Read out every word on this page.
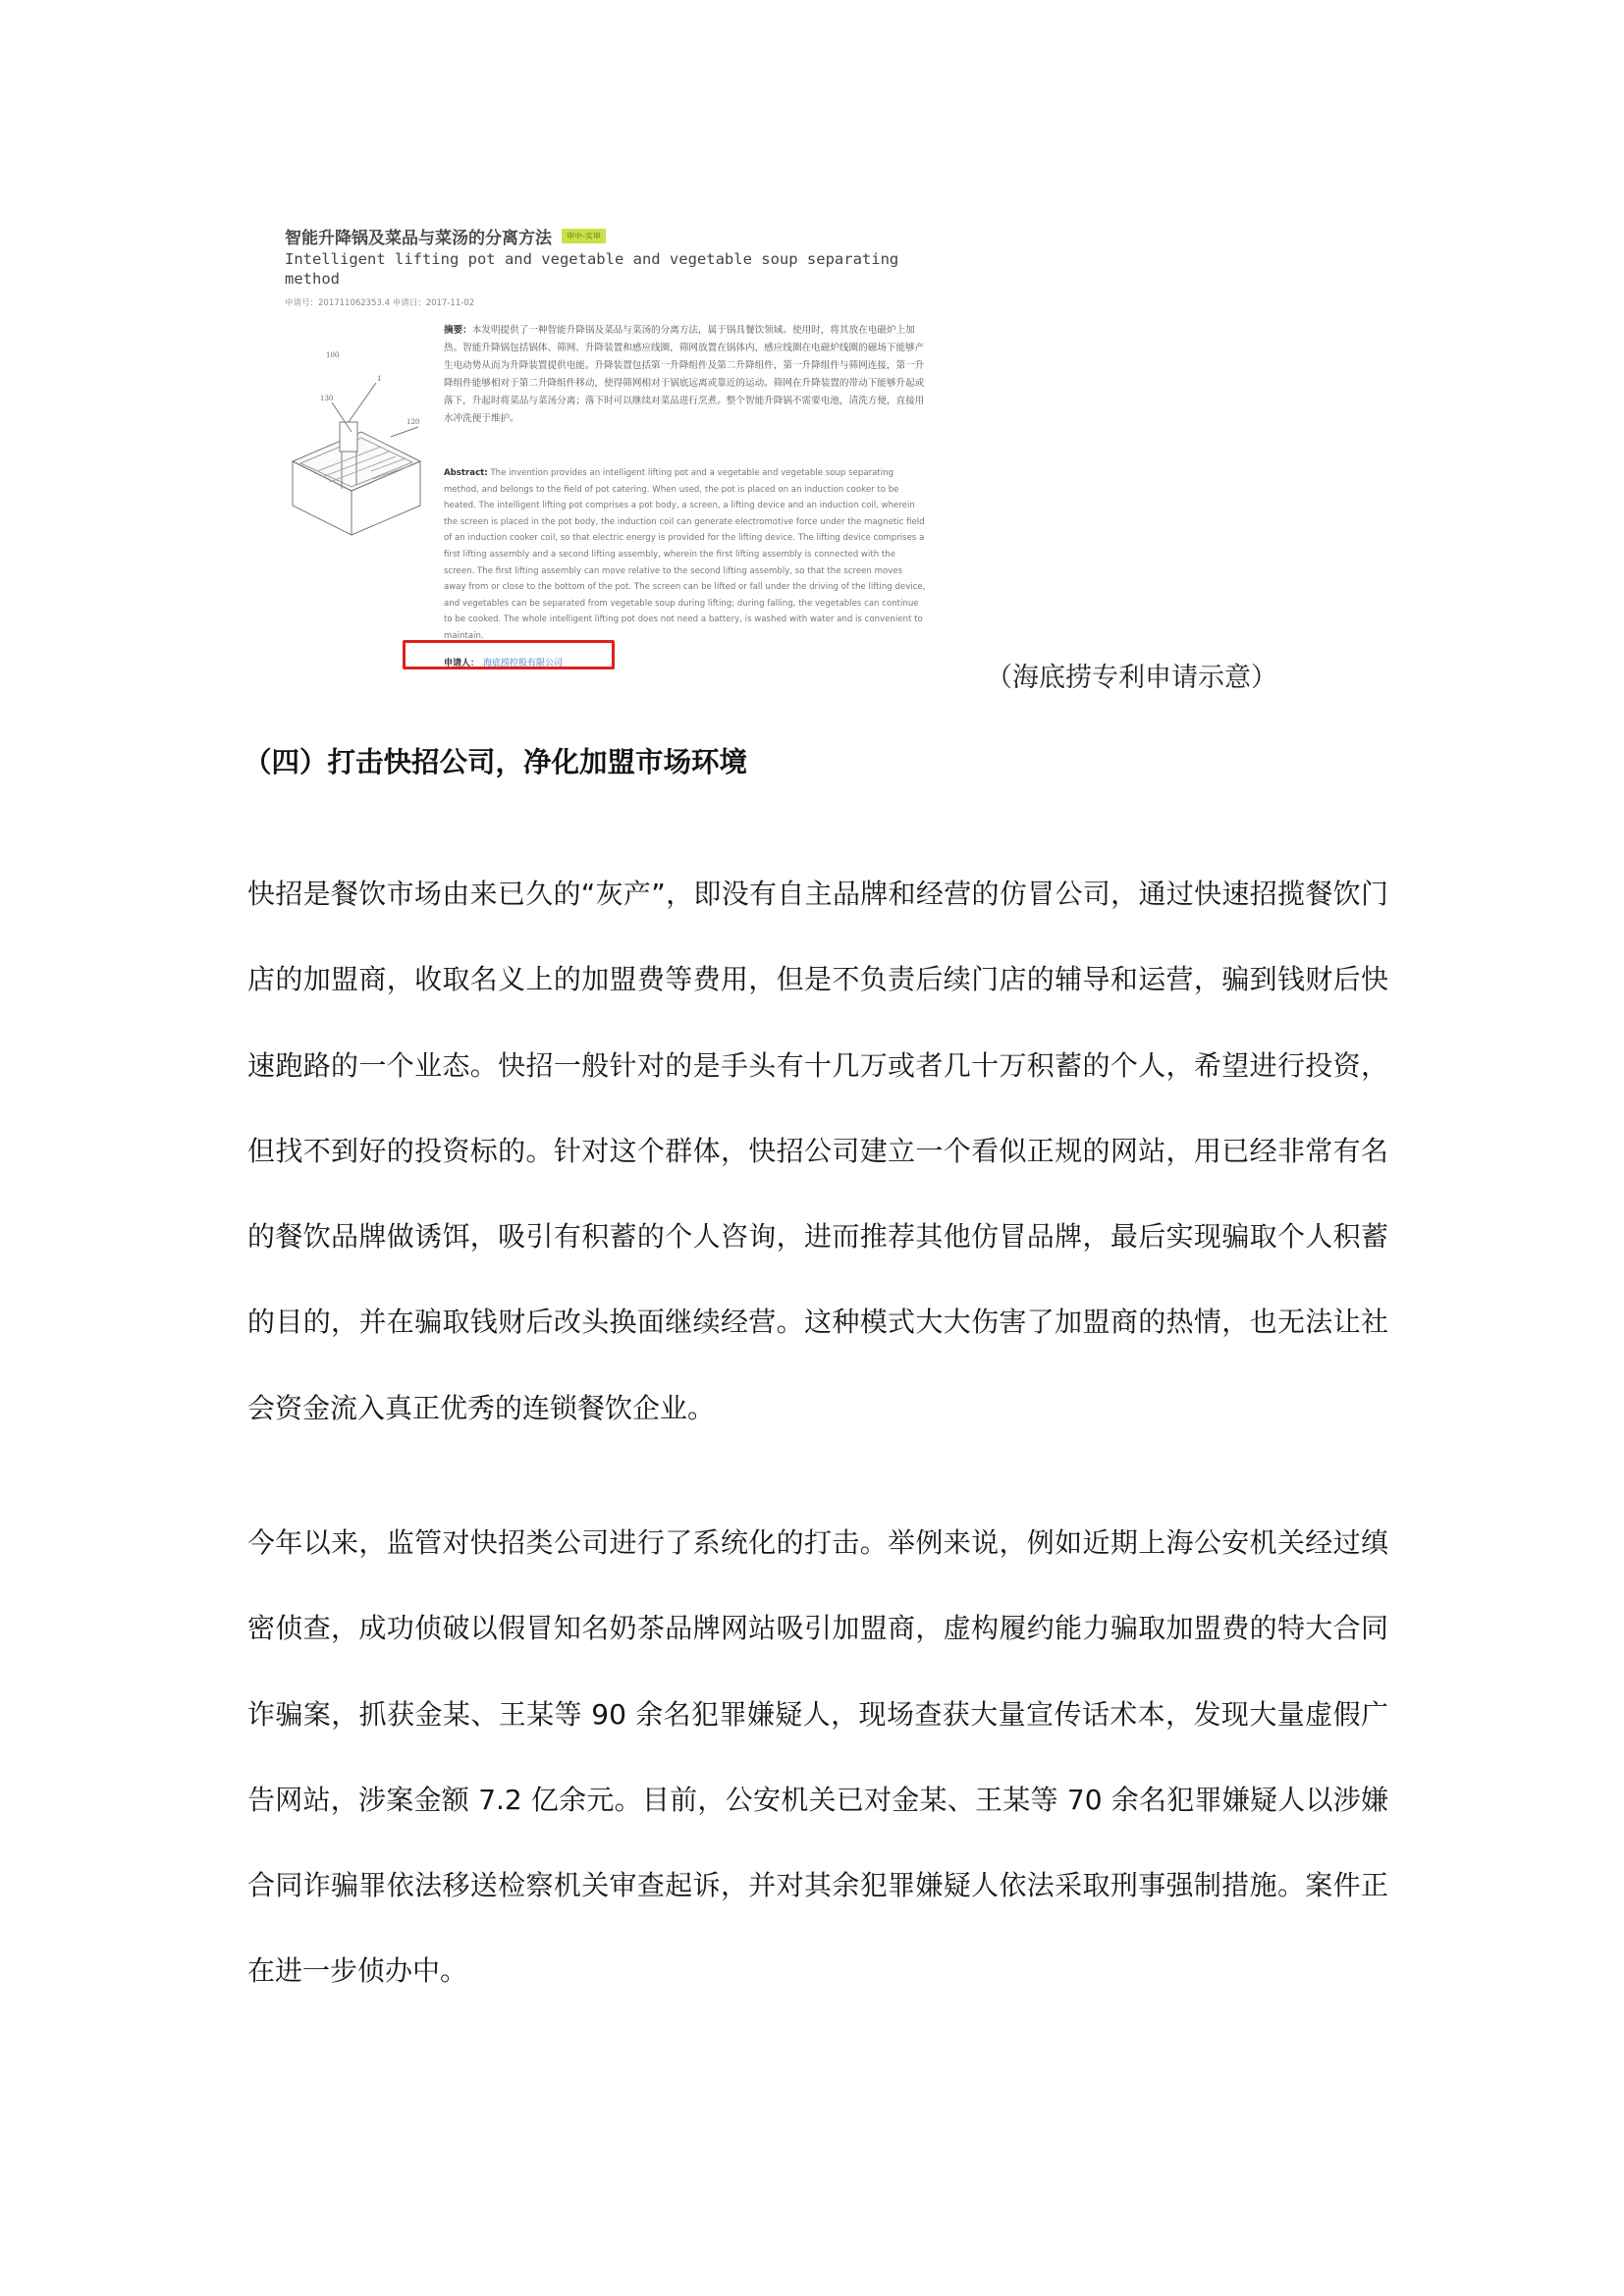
智能升降锅及菜品与菜汤的分离方法	审中-实审
Intelligent lifting pot and vegetable and vegetable soup separating method
申请号：201711062353.4 申请日：2017-11-02
100
1
120
130
摘要：本发明提供了一种智能升降锅及菜品与菜汤的分离方法，属于锅具餐饮领域。使用时，将其放在电磁炉上加热。智能升降锅包括锅体、筛网、升降装置和感应线圈，筛网放置在锅体内，感应线圈在电磁炉线圈的磁场下能够产生电动势从而为升降装置提供电能。升降装置包括第一升降组件及第二升降组件，第一升降组件与筛网连接，第一升降组件能够相对于第二升降组件移动，使得筛网相对于锅底远离或靠近的运动。筛网在升降装置的带动下能够升起或落下，升起时将菜品与菜汤分离；落下时可以继续对菜品进行烹煮。整个智能升降锅不需要电池，清洗方便，直接用水冲洗便于维护。
Abstract: The invention provides an intelligent lifting pot and a vegetable and vegetable soup separating method, and belongs to the field of pot catering. When used, the pot is placed on an induction cooker to be heated. The intelligent lifting pot comprises a pot body, a screen, a lifting device and an induction coil, wherein the screen is placed in the pot body, the induction coil can generate electromotive force under the magnetic field of an induction cooker coil, so that electric energy is provided for the lifting device. The lifting device comprises a first lifting assembly and a second lifting assembly, wherein the first lifting assembly is connected with the screen. The first lifting assembly can move relative to the second lifting assembly, so that the screen moves away from or close to the bottom of the pot. The screen can be lifted or fall under the driving of the lifting device, and vegetables can be separated from vegetable soup during lifting; during falling, the vegetables can continue to be cooked. The whole intelligent lifting pot does not need a battery, is washed with water and is convenient to maintain.
申请人： 海底捞控股有限公司	（海底捞专利申请示意）
（四）打击快招公司，净化加盟市场环境

快招是餐饮市场由来已久的“灰产”，即没有自主品牌和经营的仿冒公司，通过快速招揽餐饮门店的加盟商，收取名义上的加盟费等费用，但是不负责后续门店的辅导和运营，骗到钱财后快速跑路的一个业态。快招一般针对的是手头有十几万或者几十万积蓄的个人，希望进行投资，但找不到好的投资标的。针对这个群体，快招公司建立一个看似正规的网站，用已经非常有名的餐饮品牌做诱饵，吸引有积蓄的个人咨询，进而推荐其他仿冒品牌，最后实现骗取个人积蓄的目的，并在骗取钱财后改头换面继续经营。这种模式大大伤害了加盟商的热情，也无法让社会资金流入真正优秀的连锁餐饮企业。

今年以来，监管对快招类公司进行了系统化的打击。举例来说，例如近期上海公安机关经过缜密侦查，成功侦破以假冒知名奶茶品牌网站吸引加盟商，虚构履约能力骗取加盟费的特大合同诈骗案，抓获金某、王某等 90 余名犯罪嫌疑人，现场查获大量宣传话术本，发现大量虚假广告网站，涉案金额 7.2 亿余元。目前，公安机关已对金某、王某等 70 余名犯罪嫌疑人以涉嫌合同诈骗罪依法移送检察机关审查起诉，并对其余犯罪嫌疑人依法采取刑事强制措施。案件正在进一步侦办中。
